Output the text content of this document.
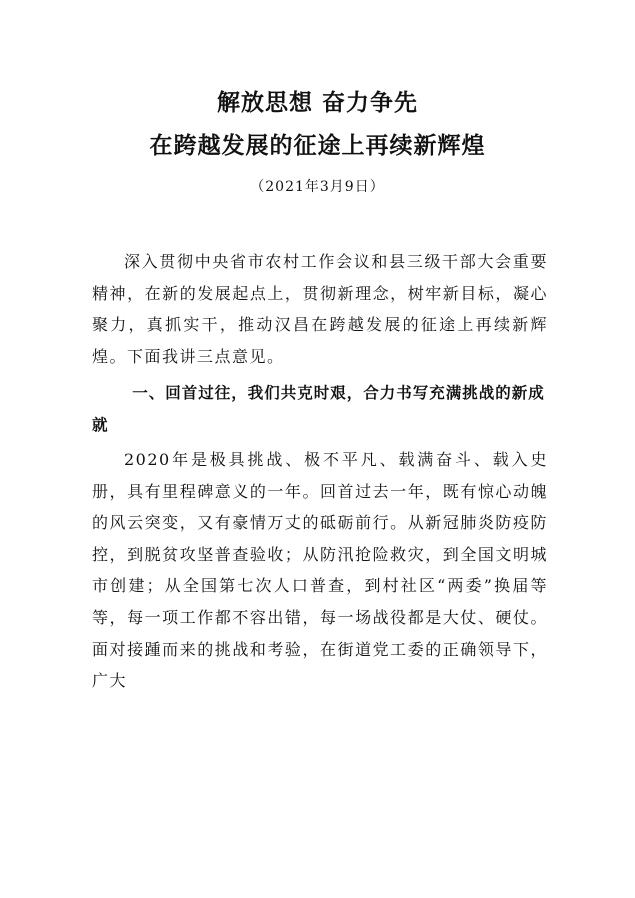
解放思想 奋力争先
在跨越发展的征途上再续新辉煌
（2021年3月9日）

深入贯彻中央省市农村工作会议和县三级干部大会重要精神，在新的发展起点上，贯彻新理念，树牢新目标，凝心聚力，真抓实干，推动汉昌在跨越发展的征途上再续新辉煌。下面我讲三点意见。

一、回首过往，我们共克时艰，合力书写充满挑战的新成就

2020年是极具挑战、极不平凡、载满奋斗、载入史册，具有里程碑意义的一年。回首过去一年，既有惊心动魄的风云突变，又有豪情万丈的砥砺前行。从新冠肺炎防疫防控，到脱贫攻坚普查验收；从防汛抢险救灾，到全国文明城市创建；从全国第七次人口普查，到村社区“两委”换届等等，每一项工作都不容出错，每一场战役都是大仗、硬仗。面对接踵而来的挑战和考验，在街道党工委的正确领导下，广大
